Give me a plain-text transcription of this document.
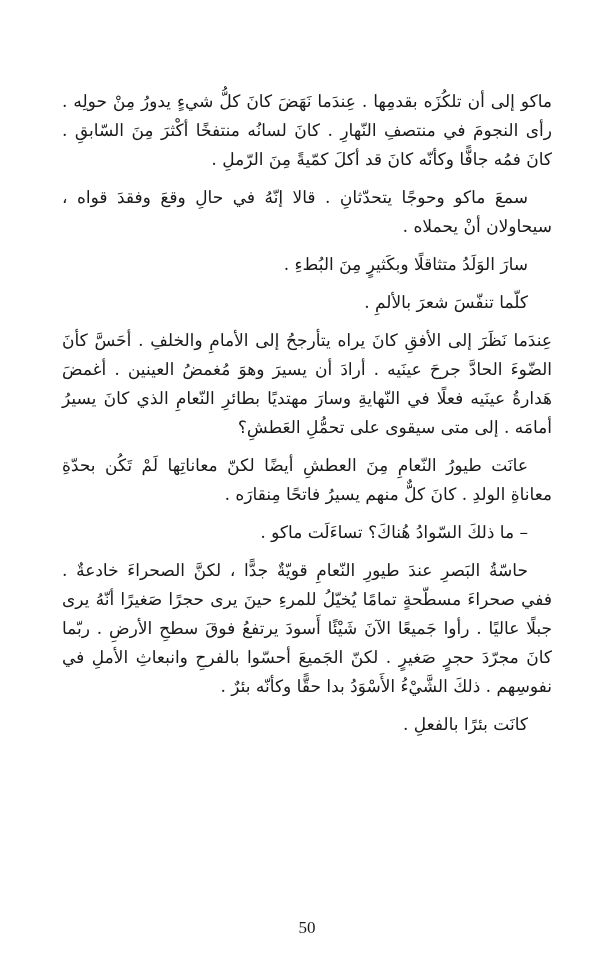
ماكو إلى أن تلكُزَه بقدمِها . عِندَما نَهَضَ كانَ كلُّ شيءٍ يدورُ مِنْ حولِه . رأى النجومَ في منتصفِ النّهارِ . كانَ لسانُه منتفخًا أكْثرَ مِنَ السّابقِ . كانَ فمُه جافًّا وكأنّه كانَ قد أكلَ كمّيةً مِنَ الرّملِ .

سمعَ ماكو وحوجًا يتحدّثانِ . قالا إنّهُ في حالِ وقعَ وفقدَ قواه ، سيحاولان أنْ يحملاه .

سارَ الوَلَدُ متثاقلًا وبكَثيرٍ مِنَ البُطءِ .

كلّما تنفّسَ شعرَ بالألمِ .

عِندَما نَظَرَ إلى الأفقِ كانَ يراه يتأرجحُ إلى الأمامِ والخلفِ . أحَسَّ كأنَ الضّوءَ الحادَّ جرحَ عينَيه . أرادَ أن يسيرَ وهوَ مُغمضُ العينين . أغمضَ هَدارةُ عينَيه فعلًا في النّهايةِ وسارَ مهتديًا بطائرِ النّعامِ الذي كانَ يسيرُ أمامَه . إلى متى سيقوى على تحمُّلِ العَطشِ؟

عانَت طيورُ النّعامِ مِنَ العطشِ أيضًا لكنّ معاناتِها لَمْ تَكُن بحدّةِ معاناةِ الولدِ . كانَ كلٌّ منهم يسيرُ فاتحًا مِنقارَه .

– ما ذلكَ السّوادُ هُناكَ؟ تساءَلَت ماكو .

حاسّةُ البَصرِ عندَ طيورِ النّعامِ قويّةٌ جدًّا ، لكنَّ الصحراءَ خادعةٌ . ففي صحراءَ مسطّحةٍ تمامًا يُخيّلُ للمرءِ حينَ يرى حجرًا صَغيرًا أنّهُ يرى جبلًا عاليًا . رأوا جَميعًا الآنَ شَيْئًا أَسودَ يرتفعُ فوقَ سطحِ الأرضِ . ربّما كانَ مجرّدَ حجرٍ صَغيرٍ . لكنّ الجَميعَ أحسّوا بالفرحِ وانبعاثِ الأملِ في نفوسِهم . ذلكَ الشَّيْءُ الأَسْوَدُ بدا حقًّا وكأنّه بئرٌ .

كانَت بئرًا بالفعلِ .

50
